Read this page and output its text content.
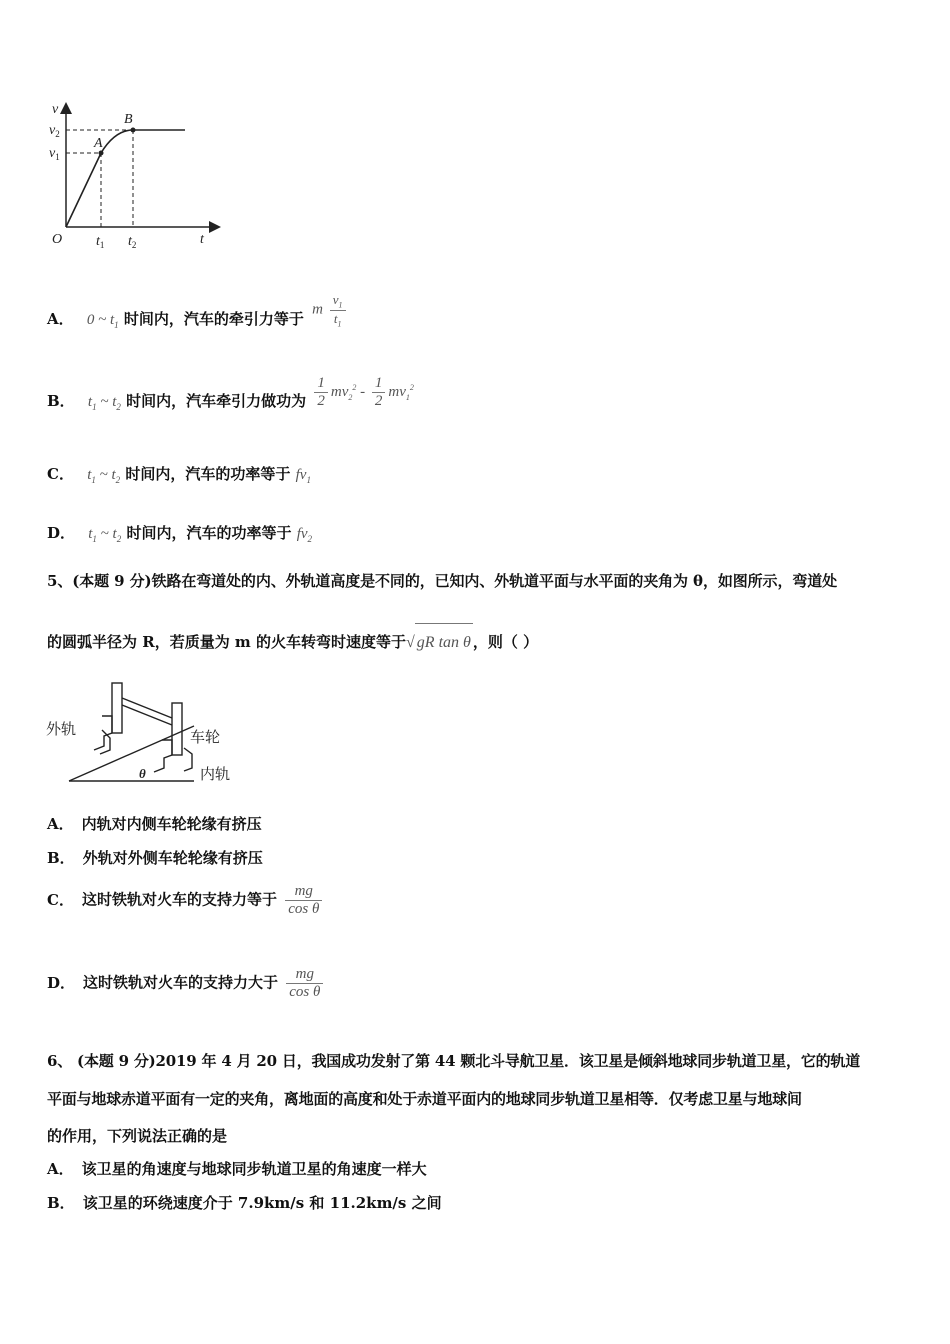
v
t
O
A
B
$v_2$
$v_1$
$t_1$ $t_2$
A． 0 ~ $t_1$ 时间内，汽车的牵引力等于 m $\frac{v_1}{t_1}$
B． $t_1$ ~ $t_2$ 时间内，汽车牵引力做功为 $\frac{1}{2} mv_2^2 - \frac{1}{2} mv_1^2$
C． $t_1$ ~ $t_2$ 时间内，汽车的功率等于 $fv_1$
D． $t_1$ ~ $t_2$ 时间内，汽车的功率等于 $fv_2$
5、(本题 9 分)铁路在弯道处的内、外轨道高度是不同的，已知内、外轨道平面与水平面的夹角为 θ，如图所示，弯道处
的圆弧半径为 R，若质量为 m 的火车转弯时速度等于√ gR tan θ ，则（ ）
外轨	车轮
内轨
θ
A． 内轨对内侧车轮轮缘有挤压
B． 外轨对外侧车轮轮缘有挤压
C． 这时铁轨对火车的支持力等于 $\frac{mg}{\text{cos θ}}$
D． 这时铁轨对火车的支持力大于 $\frac{mg}{\text{cos θ}}$
6、 (本题 9 分)2019 年 4 月 20 日，我国成功发射了第 44 颗北斗导航卫星．该卫星是倾斜地球同步轨道卫星，它的轨道
平面与地球赤道平面有一定的夹角，离地面的高度和处于赤道平面内的地球同步轨道卫星相等．仅考虑卫星与地球间
的作用，下列说法正确的是
A． 该卫星的角速度与地球同步轨道卫星的角速度一样大
B． 该卫星的环绕速度介于 7.9km/s 和 11.2km/s 之间
